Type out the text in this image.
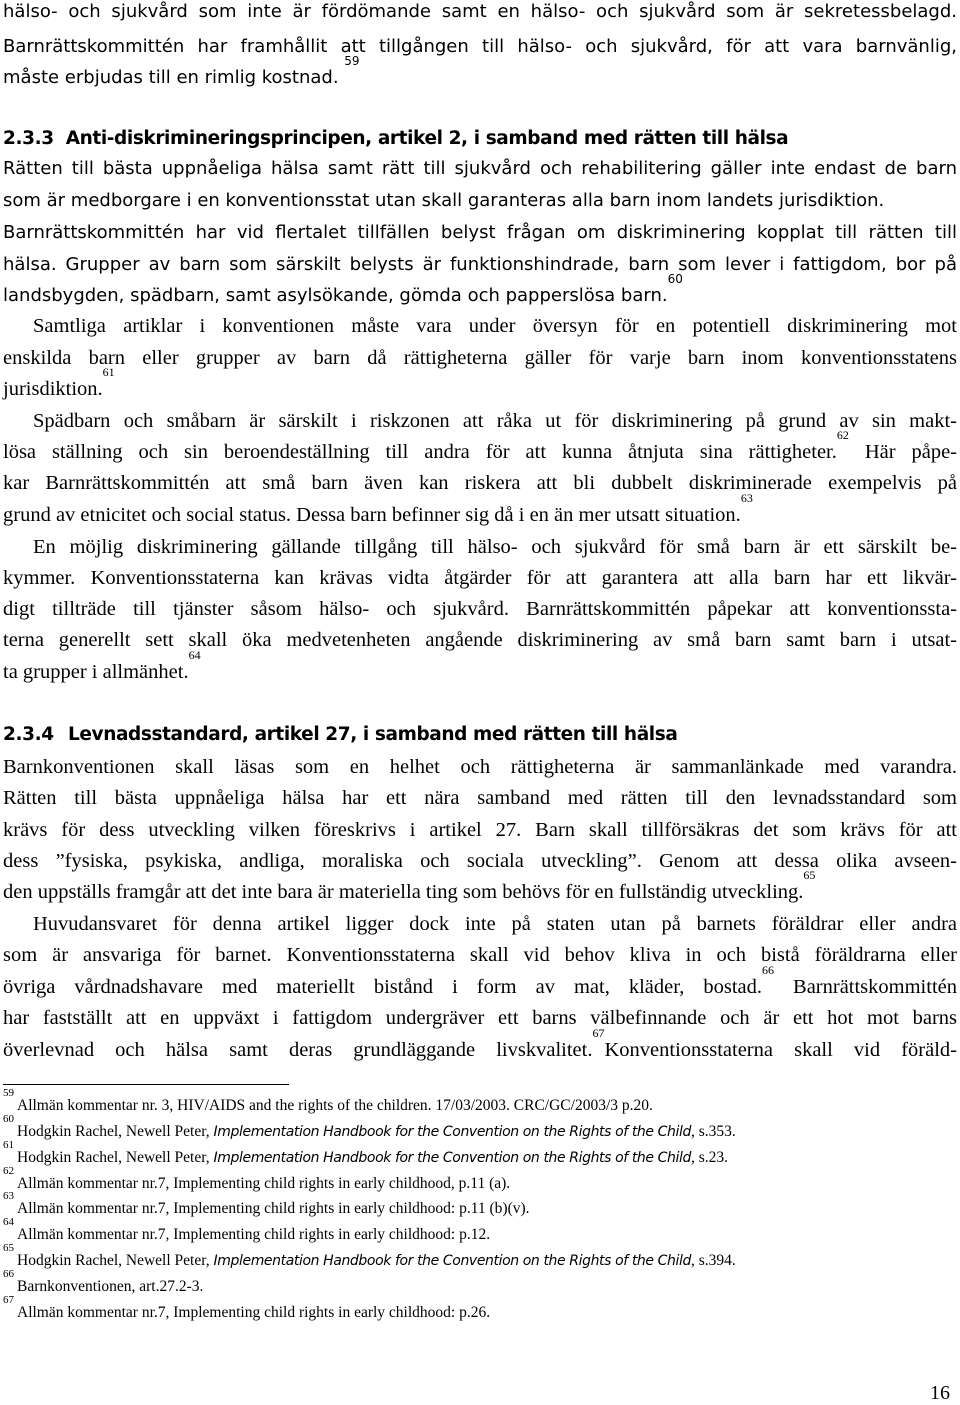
hälso- och sjukvård som inte är fördömande samt en hälso- och sjukvård som är sekretessbelagd.
Barnrättskommittén har framhållit att tillgången till hälso- och sjukvård, för att vara barnvänlig,
måste erbjudas till en rimlig kostnad. $^{59}$
2.3.3 Anti-diskrimineringsprincipen, artikel 2, i samband med rätten till hälsa
Rätten till bästa uppnåeliga hälsa samt rätt till sjukvård och rehabilitering gäller inte endast de barn
som är medborgare i en konventionsstat utan skall garanteras alla barn inom landets jurisdiktion.
Barnrättskommittén har vid flertalet tillfällen belyst frågan om diskriminering kopplat till rätten till
hälsa. Grupper av barn som särskilt belysts är funktionshindrade, barn som lever i fattigdom, bor på
landsbygden, spädbarn, samt asylsökande, gömda och papperslösa barn.$^{60}$
Samtliga artiklar i konventionen måste vara under översyn för en potentiell diskriminering mot
enskilda barn eller grupper av barn då rättigheterna gäller för varje barn inom konventionsstatens
jurisdiktion.$^{61}$
Spädbarn och småbarn är särskilt i riskzonen att råka ut för diskriminering på grund av sin makt-
lösa ställning och sin beroendeställning till andra för att kunna åtnjuta sina rättigheter.$^{62}$ Här påpe-
kar Barnrättskommittén att små barn även kan riskera att bli dubbelt diskriminerade exempelvis på
grund av etnicitet och social status. Dessa barn befinner sig då i en än mer utsatt situation.$^{63}$
En möjlig diskriminering gällande tillgång till hälso- och sjukvård för små barn är ett särskilt be-
kymmer. Konventionsstaterna kan krävas vidta åtgärder för att garantera att alla barn har ett likvär-
digt tillträde till tjänster såsom hälso- och sjukvård. Barnrättskommittén påpekar att konventionssta-
terna generellt sett skall öka medvetenheten angående diskriminering av små barn samt barn i utsat-
ta grupper i allmänhet.$^{64}$
2.3.4 Levnadsstandard, artikel 27, i samband med rätten till hälsa
Barnkonventionen skall läsas som en helhet och rättigheterna är sammanlänkade med varandra.
Rätten till bästa uppnåeliga hälsa har ett nära samband med rätten till den levnadsstandard som
krävs för dess utveckling vilken föreskrivs i artikel 27. Barn skall tillförsäkras det som krävs för att
dess ”fysiska, psykiska, andliga, moraliska och sociala utveckling”. Genom att dessa olika avseen-
den uppställs framgår att det inte bara är materiella ting som behövs för en fullständig utveckling.$^{65}$
Huvudansvaret för denna artikel ligger dock inte på staten utan på barnets föräldrar eller andra
som är ansvariga för barnet. Konventionsstaterna skall vid behov kliva in och bistå föräldrarna eller
övriga vårdnadshavare med materiellt bistånd i form av mat, kläder, bostad.$^{66}$ Barnrättskommittén
har fastställt att en uppväxt i fattigdom undergräver ett barns välbefinnande och är ett hot mot barns
överlevnad och hälsa samt deras grundläggande livskvalitet.$^{67}$Konventionsstaterna skall vid föräld-
$^{59}$Allmän kommentar nr. 3, HIV/AIDS and the rights of the children. 17/03/2003. CRC/GC/2003/3 p.20.
$^{60}$Hodgkin Rachel, Newell Peter, Implementation Handbook for the Convention on the Rights of the Child, s.353.
$^{61}$Hodgkin Rachel, Newell Peter, Implementation Handbook for the Convention on the Rights of the Child, s.23.
$^{62}$Allmän kommentar nr.7, Implementing child rights in early childhood, p.11 (a).
$^{63}$Allmän kommentar nr.7, Implementing child rights in early childhood: p.11 (b)(v).
$^{64}$Allmän kommentar nr.7, Implementing child rights in early childhood: p.12.
$^{65}$Hodgkin Rachel, Newell Peter, Implementation Handbook for the Convention on the Rights of the Child, s.394.
$^{66}$Barnkonventionen, art.27.2-3.
$^{67}$Allmän kommentar nr.7, Implementing child rights in early childhood: p.26.
16
